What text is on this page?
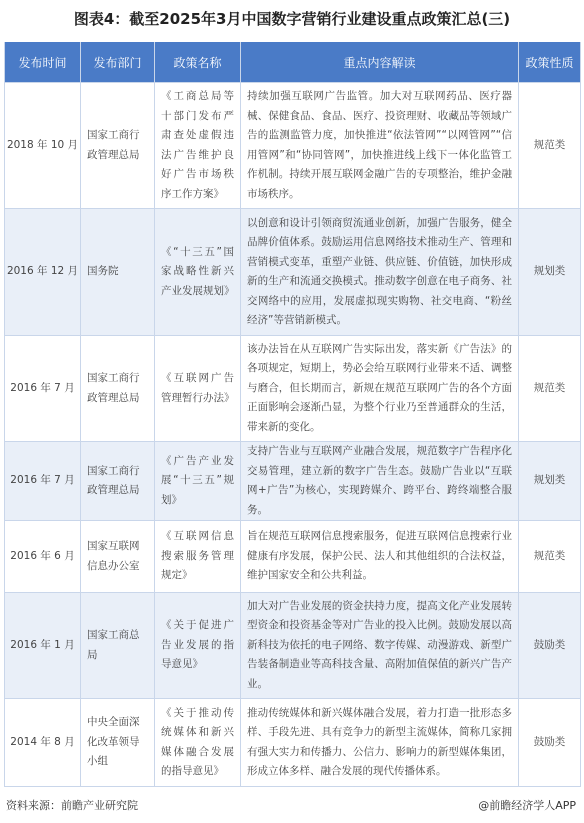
图表4：截至2025年3月中国数字营销行业建设重点政策汇总(三)
发布时间	发布部门	政策名称	重点内容解读	政策性质
2018 年 10 月	国家工商行政管理总局	《工商总局等十部门发布严肃查处虚假违法广告维护良好广告市场秩序工作方案》	持续加强互联网广告监管。加大对互联网药品、医疗器械、保健食品、食品、医疗、投资理财、收藏品等领域广告的监测监管力度，加快推进“依法管网”“以网管网”“信用管网”和“协同管网”，加快推进线上线下一体化监管工作机制。持续开展互联网金融广告的专项整治，维护金融市场秩序。	规范类
2016 年 12 月	国务院	《“十三五”国家战略性新兴产业发展规划》	以创意和设计引领商贸流通业创新，加强广告服务，健全品牌价值体系。鼓励运用信息网络技术推动生产、管理和营销模式变革，重塑产业链、供应链、价值链，加快形成新的生产和流通交换模式。推动数字创意在电子商务、社交网络中的应用，发展虚拟现实购物、社交电商、“粉丝经济”等营销新模式。	规划类
2016 年 7 月	国家工商行政管理总局	《互联网广告管理暂行办法》	该办法旨在从互联网广告实际出发，落实新《广告法》的各项规定，短期上，势必会给互联网行业带来不适、调整与磨合，但长期而言，新规在规范互联网广告的各个方面正面影响会逐渐凸显，为整个行业乃至普通群众的生活，带来新的变化。	规范类
2016 年 7 月	国家工商行政管理总局	《广告产业发展“十三五”规划》	支持广告业与互联网产业融合发展，规范数字广告程序化交易管理，建立新的数字广告生态。鼓励广告业以“互联网+广告”为核心，实现跨媒介、跨平台、跨终端整合服务。	规划类
2016 年 6 月	国家互联网信息办公室	《互联网信息搜索服务管理规定》	旨在规范互联网信息搜索服务，促进互联网信息搜索行业健康有序发展，保护公民、法人和其他组织的合法权益，维护国家安全和公共利益。	规范类
2016 年 1 月	国家工商总局	《关于促进广告业发展的指导意见》	加大对广告业发展的资金扶持力度，提高文化产业发展转型资金和投资基金等对广告业的投入比例。鼓励发展以高新科技为依托的电子网络、数字传媒、动漫游戏、新型广告装备制造业等高科技含量、高附加值保值的新兴广告产业。	鼓励类
2014 年 8 月	中央全面深化改革领导小组	《关于推动传统媒体和新兴媒体融合发展的指导意见》	推动传统媒体和新兴媒体融合发展，着力打造一批形态多样、手段先进、具有竞争力的新型主流媒体，简称几家拥有强大实力和传播力、公信力、影响力的新型媒体集团，形成立体多样、融合发展的现代传播体系。	鼓励类
资料来源：前瞻产业研究院	@前瞻经济学人APP
